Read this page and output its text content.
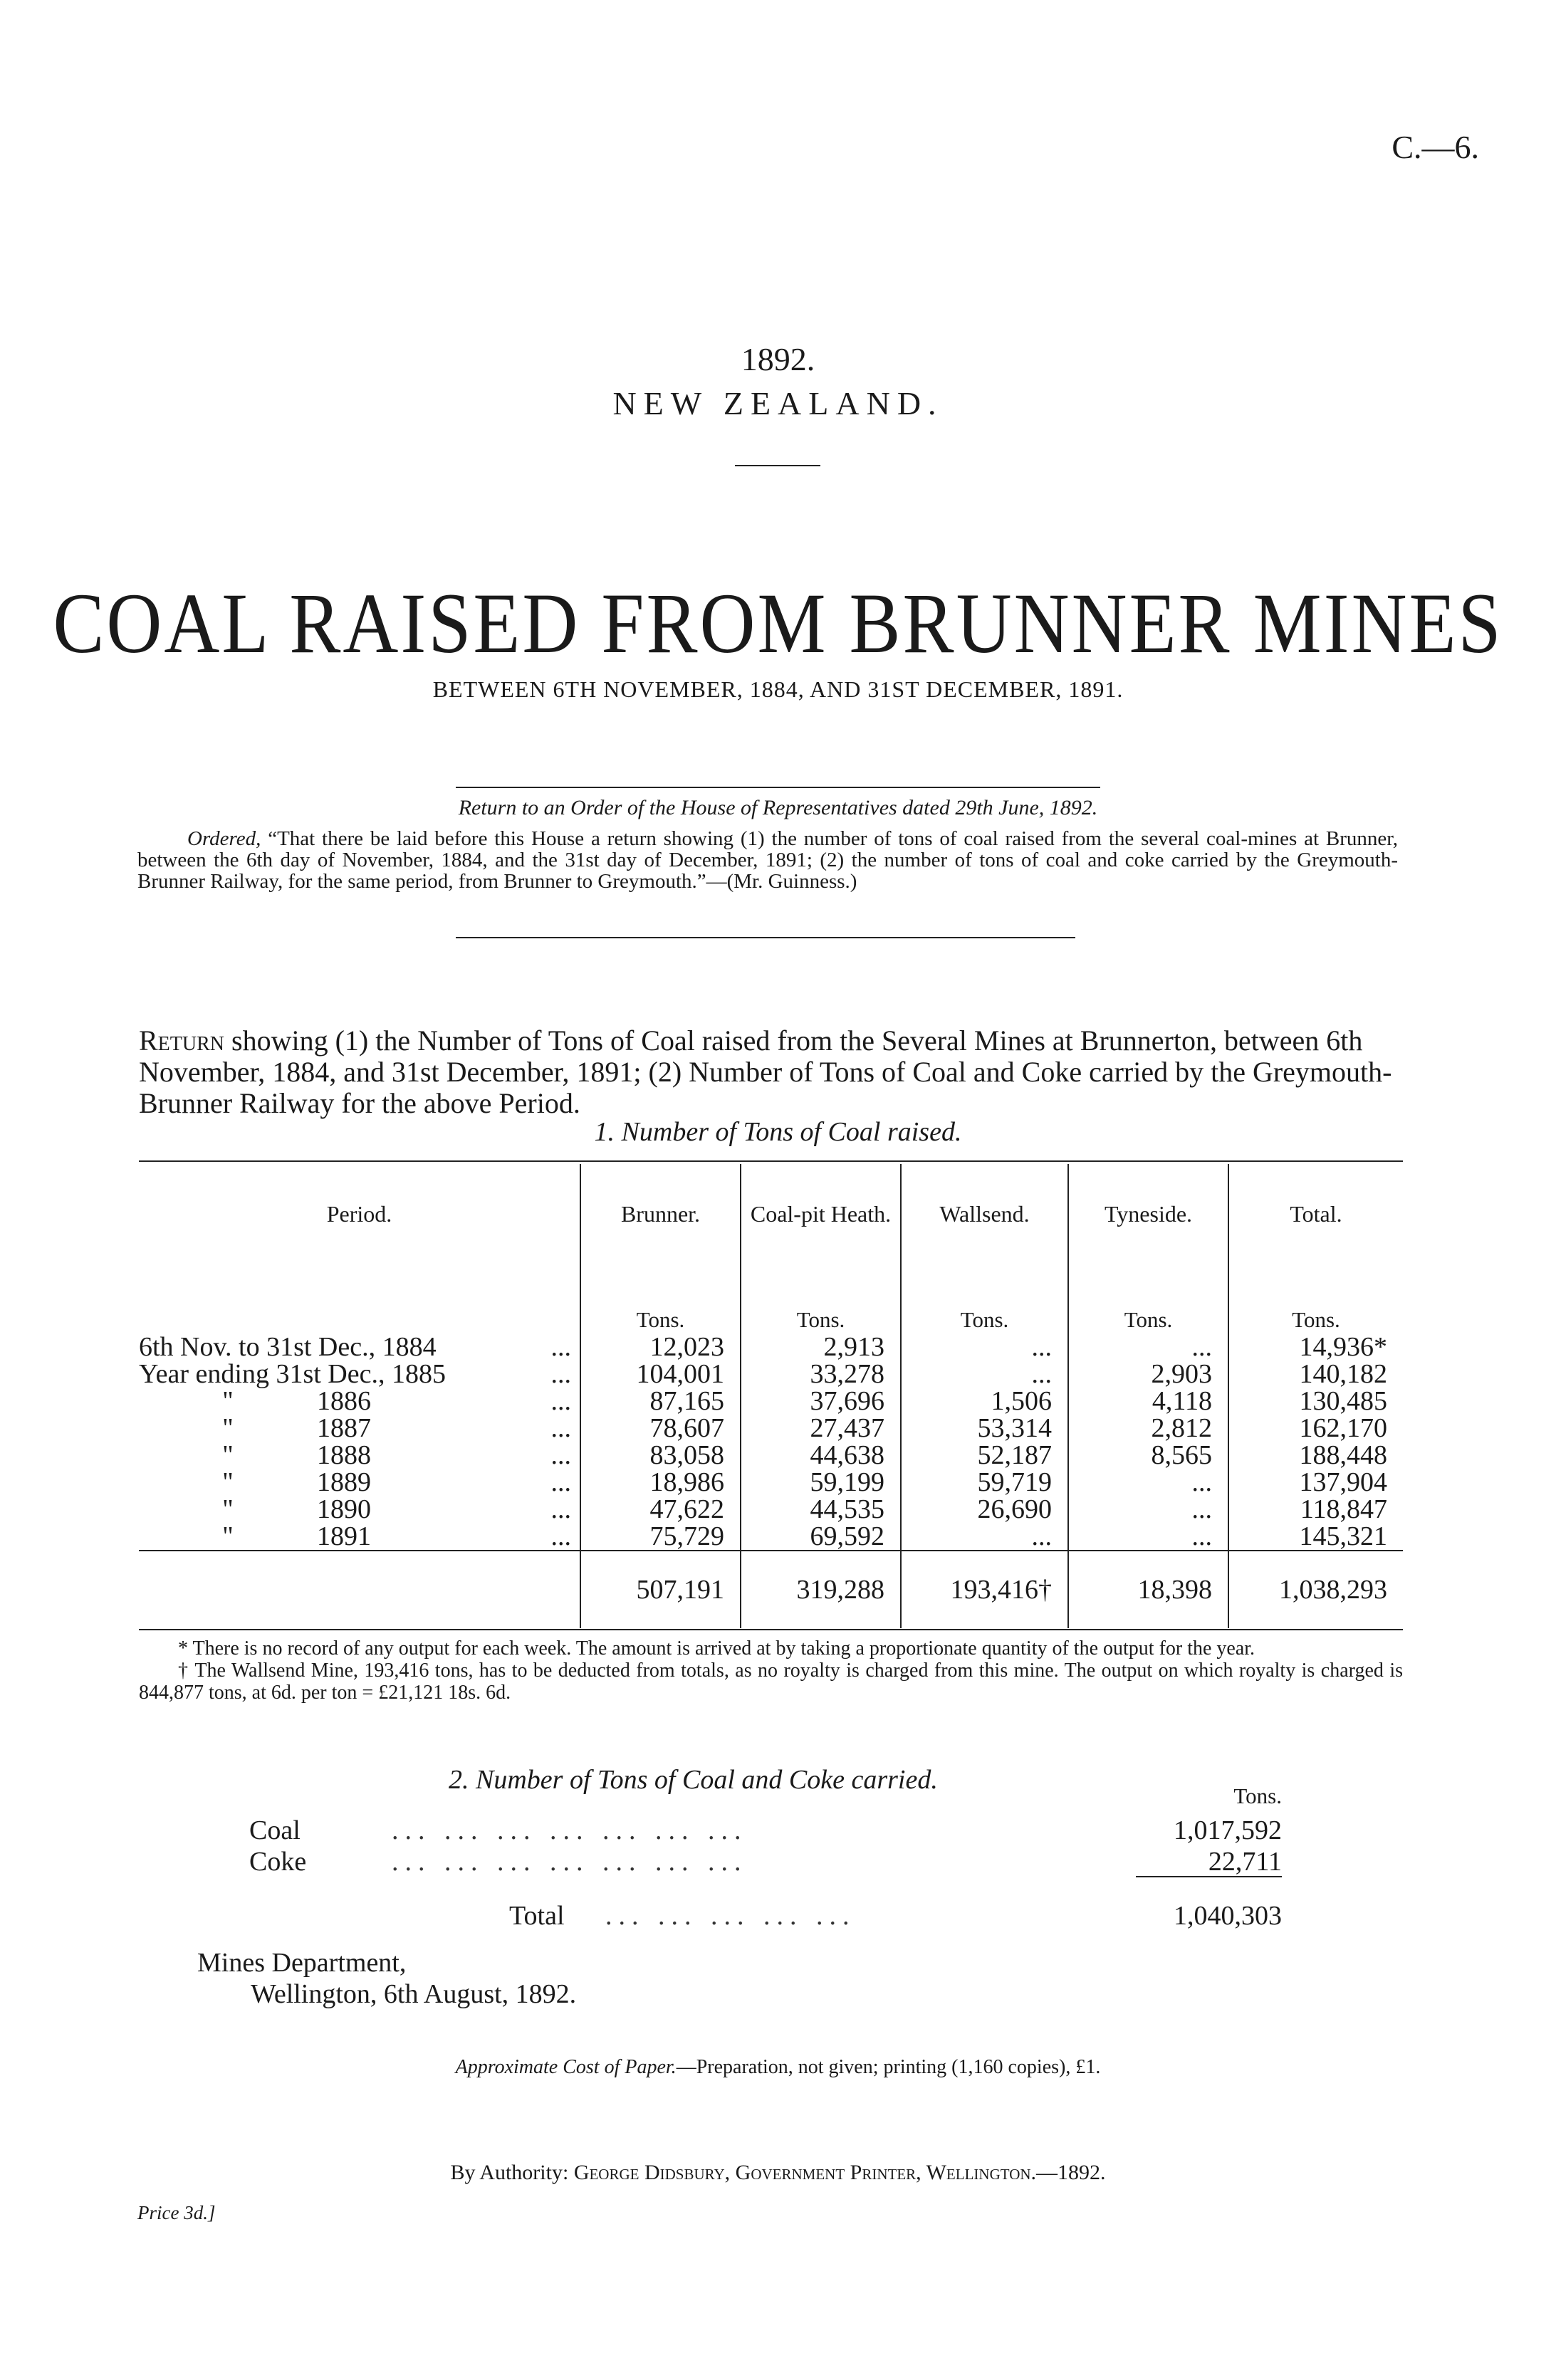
C.—6.
1892.
NEW ZEALAND.
COAL RAISED FROM BRUNNER MINES
BETWEEN 6TH NOVEMBER, 1884, AND 31ST DECEMBER, 1891.
Return to an Order of the House of Representatives dated 29th June, 1892.
Ordered, “That there be laid before this House a return showing (1) the number of tons of coal raised from the several coal-mines at Brunner, between the 6th day of November, 1884, and the 31st day of December, 1891; (2) the number of tons of coal and coke carried by the Greymouth-Brunner Railway, for the same period, from Brunner to Greymouth.”—(Mr. Guinness.)
Return showing (1) the Number of Tons of Coal raised from the Several Mines at Brunnerton, between 6th November, 1884, and 31st December, 1891; (2) Number of Tons of Coal and Coke carried by the Greymouth-Brunner Railway for the above Period.
1. Number of Tons of Coal raised.
Period.	Brunner.	Coal-pit Heath.	Wallsend.	Tyneside.	Total.
	Tons.	Tons.	Tons.	Tons.	Tons.
6th Nov. to 31st Dec., 1884 ...	12,023	2,913	...	...	14,936*
Year ending 31st Dec., 1885 ...	104,001	33,278	...	2,903	140,182
" 1886 ...	87,165	37,696	1,506	4,118	130,485
" 1887 ...	78,607	27,437	53,314	2,812	162,170
" 1888 ...	83,058	44,638	52,187	8,565	188,448
" 1889 ...	18,986	59,199	59,719	...	137,904
" 1890 ...	47,622	44,535	26,690	...	118,847
" 1891 ...	75,729	69,592	...	...	145,321
	507,191	319,288	193,416†	18,398	1,038,293

* There is no record of any output for each week. The amount is arrived at by taking a proportionate quantity of the output for the year.

† The Wallsend Mine, 193,416 tons, has to be deducted from totals, as no royalty is charged from this mine. The output on which royalty is charged is 844,877 tons, at 6d. per ton = £21,121 18s. 6d.

2. Number of Tons of Coal and Coke carried.
Tons.
Coal	... ... ... ... ... ... ...	1,017,592
Coke	... ... ... ... ... ... ...	22,711
Total ... ... ... ... ...	1,040,303
Mines Department,
Wellington, 6th August, 1892.
Approximate Cost of Paper.—Preparation, not given; printing (1,160 copies), £1.
By Authority: George Didsbury, Government Printer, Wellington.—1892.
Price 3d.]
